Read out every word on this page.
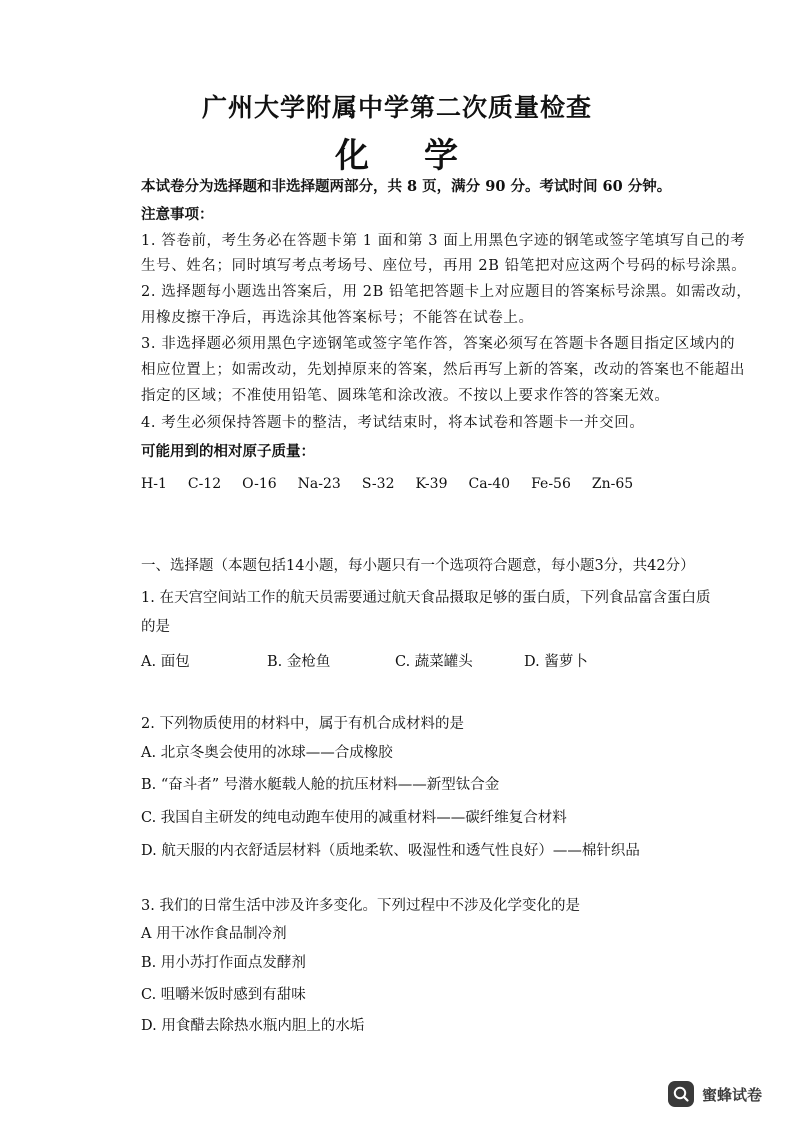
广州大学附属中学第二次质量检查
化 学
本试卷分为选择题和非选择题两部分，共 8 页，满分 90 分。考试时间 60 分钟。
注意事项：
1. 答卷前，考生务必在答题卡第 1 面和第 3 面上用黑色字迹的钢笔或签字笔填写自己的考
生号、姓名；同时填写考点考场号、座位号，再用 2B 铅笔把对应这两个号码的标号涂黑。
2. 选择题每小题选出答案后，用 2B 铅笔把答题卡上对应题目的答案标号涂黑。如需改动，
用橡皮擦干净后，再选涂其他答案标号；不能答在试卷上。
3. 非选择题必须用黑色字迹钢笔或签字笔作答，答案必须写在答题卡各题目指定区域内的
相应位置上；如需改动，先划掉原来的答案，然后再写上新的答案，改动的答案也不能超出
指定的区域；不准使用铅笔、圆珠笔和涂改液。不按以上要求作答的答案无效。
4. 考生必须保持答题卡的整洁，考试结束时，将本试卷和答题卡一并交回。
可能用到的相对原子质量：
H-1 C-12 O-16 Na-23 S-32 K-39 Ca-40 Fe-56 Zn-65
一、选择题（本题包括14小题，每小题只有一个选项符合题意，每小题3分，共42分）
1. 在天宫空间站工作的航天员需要通过航天食品摄取足够的蛋白质，下列食品富含蛋白质
的是
A. 面包	B. 金枪鱼	C. 蔬菜罐头	D. 酱萝卜
2. 下列物质使用的材料中，属于有机合成材料的是
A. 北京冬奥会使用的冰球——合成橡胶
B. “奋斗者” 号潜水艇载人舱的抗压材料——新型钛合金
C. 我国自主研发的纯电动跑车使用的减重材料——碳纤维复合材料
D. 航天服的内衣舒适层材料（质地柔软、吸湿性和透气性良好）——棉针织品
3. 我们的日常生活中涉及许多变化。下列过程中不涉及化学变化的是
A 用干冰作食品制冷剂
B. 用小苏打作面点发酵剂
C. 咀嚼米饭时感到有甜味
D. 用食醋去除热水瓶内胆上的水垢
蜜蜂试卷
